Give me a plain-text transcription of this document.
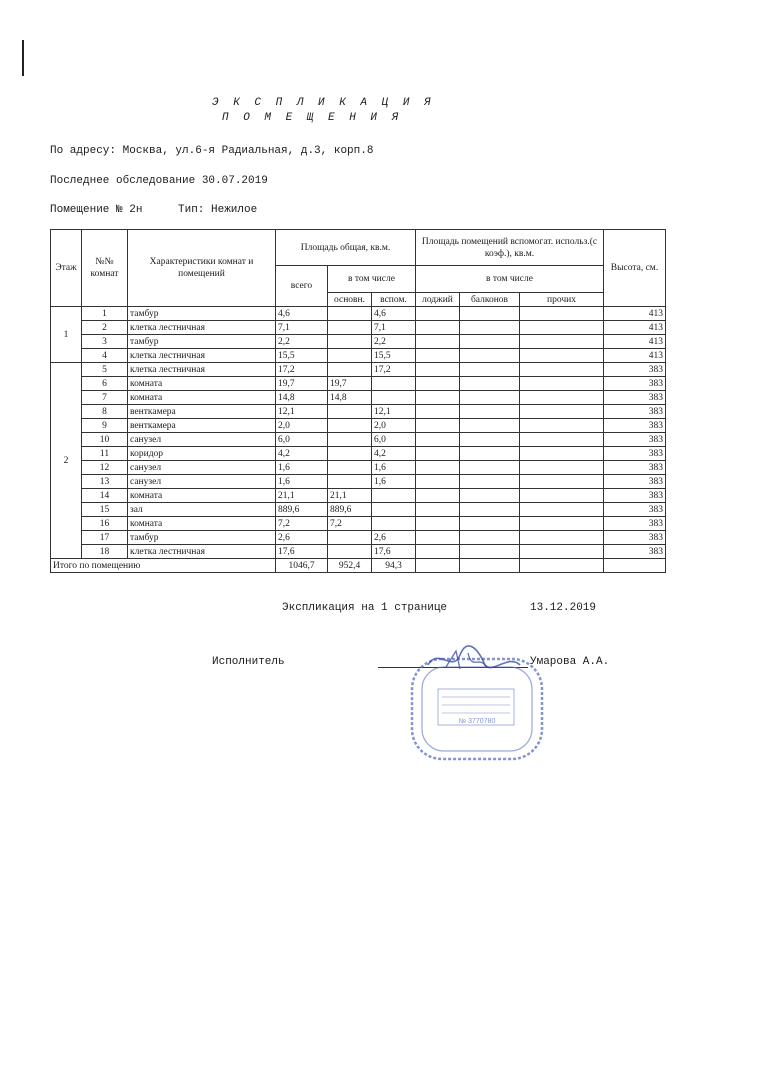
Э К С П Л И К А Ц И Я
П О М Е Щ Е Н И Я
По адресу: Москва, ул.6-я Радиальная, д.3, корп.8
Последнее обследование 30.07.2019
Помещение № 2н	Тип: Нежилое
Этаж	№№ комнат	Характеристики комнат и помещений	Площадь общая, кв.м.			Площадь помещений вспомогат. использ.(с коэф.), кв.м.			Высота, см.
			всего	в том числе		в том числе			
				основн.	вспом.	лоджий	балконов	прочих	
1	1	тамбур	4,6		4,6				413
	2	клетка лестничная	7,1		7,1				413
	3	тамбур	2,2		2,2				413
	4	клетка лестничная	15,5		15,5				413
2	5	клетка лестничная	17,2		17,2				383
	6	комната	19,7	19,7					383
	7	комната	14,8	14,8					383
	8	венткамера	12,1		12,1				383
	9	венткамера	2,0		2,0				383
	10	санузел	6,0		6,0				383
	11	коридор	4,2		4,2				383
	12	санузел	1,6		1,6				383
	13	санузел	1,6		1,6				383
	14	комната	21,1	21,1					383
	15	зал	889,6	889,6					383
	16	комната	7,2	7,2					383
	17	тамбур	2,6		2,6				383
	18	клетка лестничная	17,6		17,6				383
Итого по помещению			1046,7	952,4	94,3				
Экспликация на 1 странице	13.12.2019
Исполнитель	Умарова А.А.
№ 3770780
